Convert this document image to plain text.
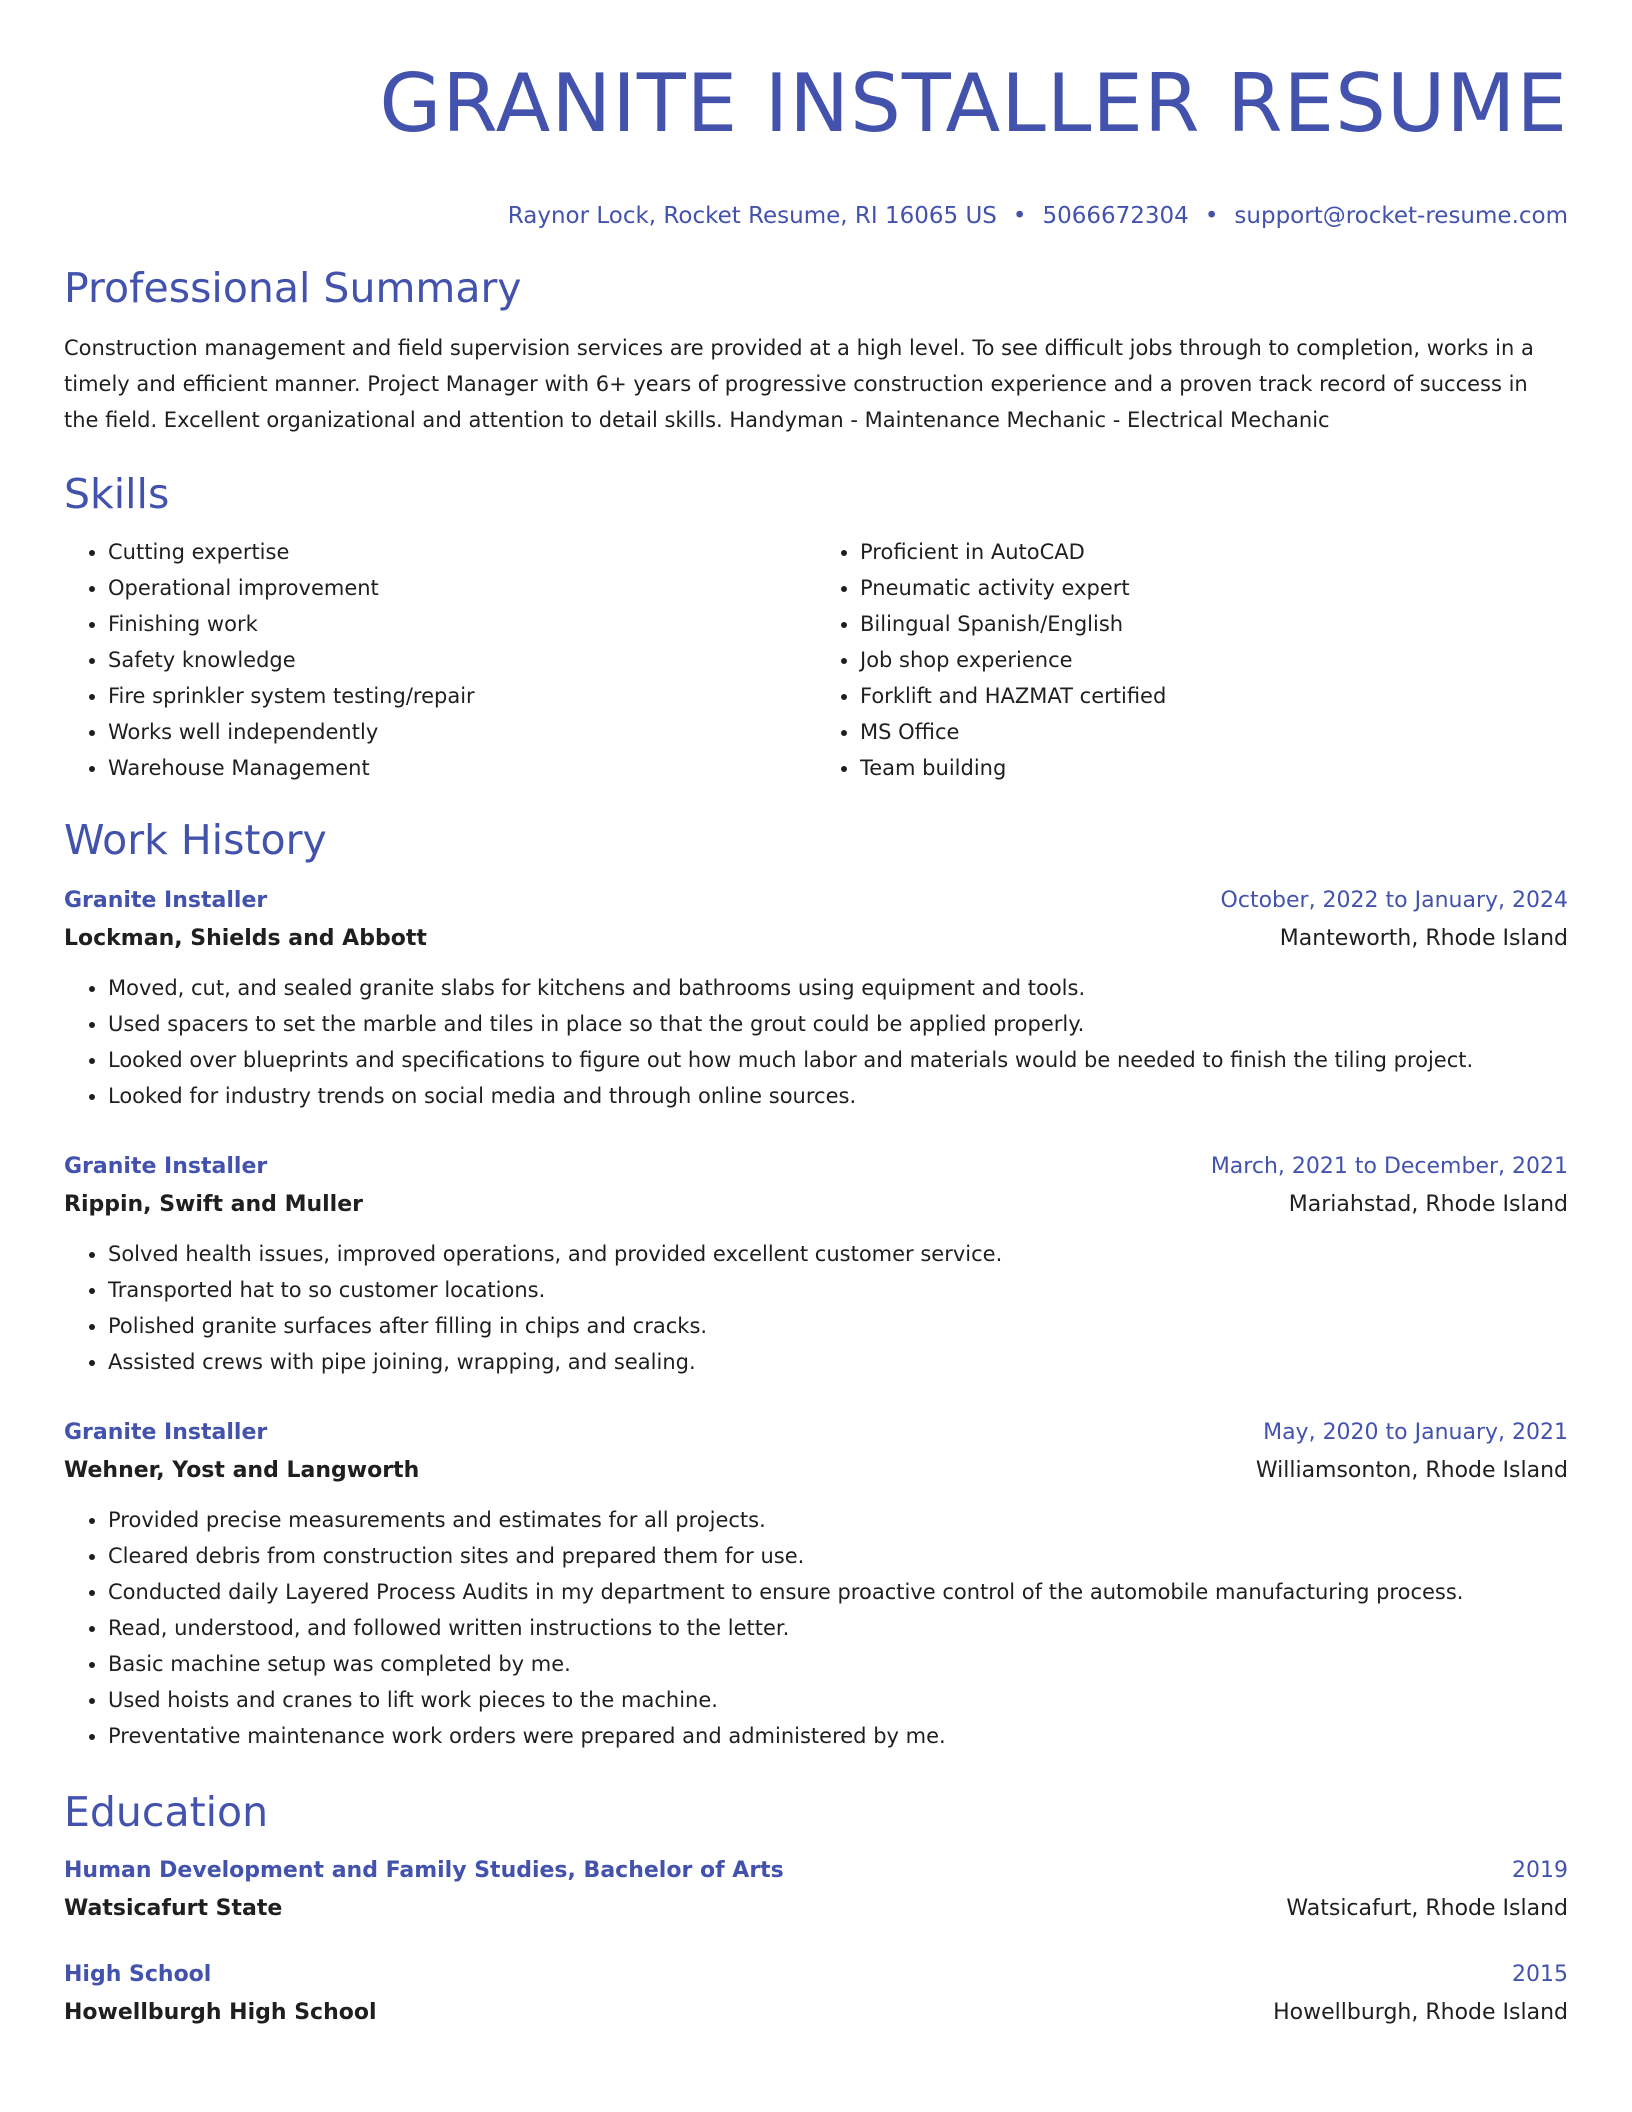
GRANITE INSTALLER RESUME
Raynor Lock, Rocket Resume, RI 16065 US • 5066672304 • support@rocket-resume.com
Professional Summary
Construction management and field supervision services are provided at a high level. To see difficult jobs through to completion, works in a timely and efficient manner. Project Manager with 6+ years of progressive construction experience and a proven track record of success in the field. Excellent organizational and attention to detail skills. Handyman - Maintenance Mechanic - Electrical Mechanic
Skills
• Cutting expertise
• Operational improvement
• Finishing work
• Safety knowledge
• Fire sprinkler system testing/repair
• Works well independently
• Warehouse Management
• Proficient in AutoCAD
• Pneumatic activity expert
• Bilingual Spanish/English
• Job shop experience
• Forklift and HAZMAT certified
• MS Office
• Team building
Work History
Granite Installer	October, 2022 to January, 2024
Lockman, Shields and Abbott	Manteworth, Rhode Island
• Moved, cut, and sealed granite slabs for kitchens and bathrooms using equipment and tools.
• Used spacers to set the marble and tiles in place so that the grout could be applied properly.
• Looked over blueprints and specifications to figure out how much labor and materials would be needed to finish the tiling project.
• Looked for industry trends on social media and through online sources.
Granite Installer	March, 2021 to December, 2021
Rippin, Swift and Muller	Mariahstad, Rhode Island
• Solved health issues, improved operations, and provided excellent customer service.
• Transported hat to so customer locations.
• Polished granite surfaces after filling in chips and cracks.
• Assisted crews with pipe joining, wrapping, and sealing.
Granite Installer	May, 2020 to January, 2021
Wehner, Yost and Langworth	Williamsonton, Rhode Island
• Provided precise measurements and estimates for all projects.
• Cleared debris from construction sites and prepared them for use.
• Conducted daily Layered Process Audits in my department to ensure proactive control of the automobile manufacturing process.
• Read, understood, and followed written instructions to the letter.
• Basic machine setup was completed by me.
• Used hoists and cranes to lift work pieces to the machine.
• Preventative maintenance work orders were prepared and administered by me.
Education
Human Development and Family Studies, Bachelor of Arts	2019
Watsicafurt State	Watsicafurt, Rhode Island
High School	2015
Howellburgh High School	Howellburgh, Rhode Island
